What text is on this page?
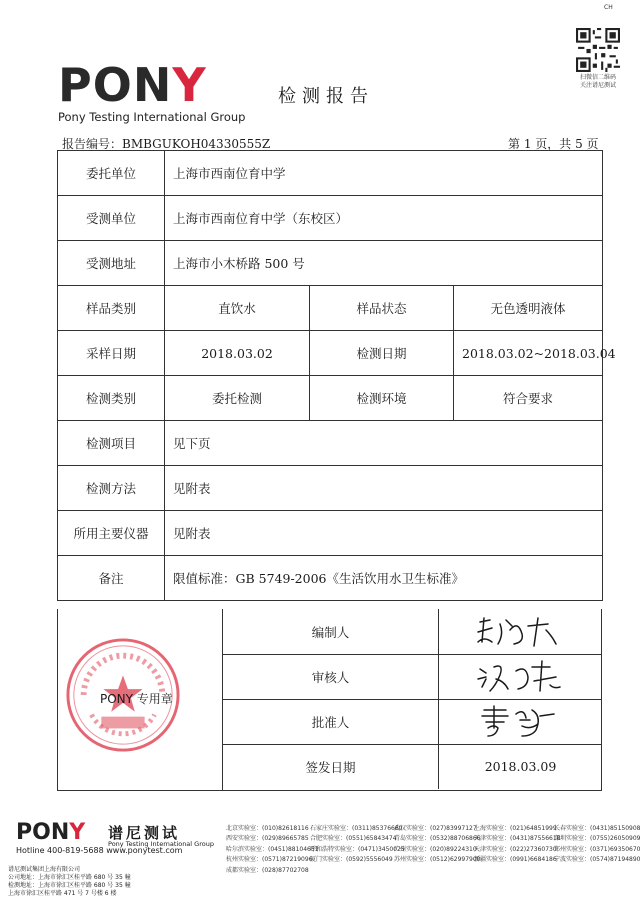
CH
PONY
Pony Testing International Group
检测报告
扫微信二维码
关注谱尼测试
报告编号：BMBGUKOH04330555Z	第 1 页，共 5 页
委托单位	上海市西南位育中学		
受测单位	上海市西南位育中学（东校区）		
受测地址	上海市小木桥路 500 号		
样品类别	直饮水	样品状态	无色透明液体
采样日期	2018.03.02	检测日期	2018.03.02~2018.03.04
检测类别	委托检测	检测环境	符合要求
检测项目	见下页		
检测方法	见附表		
所用主要仪器	见附表		
备注	限值标准：GB 5749-2006《生活饮用水卫生标准》		
编制人
审核人
批准人
签发日期	2018.03.09
PONY 专用章
PONY 谱尼测试
Pony Testing International Group
Hotline 400-819-5688 www.ponytest.com
谱尼测试集团上海有限公司
公司地址：上海市徐汇区桂平路 680 号 35 幢
检测地址：上海市徐汇区桂平路 680 号 35 幢
上海市徐汇区桂平路 471 号 7 号楼 6 楼
北京实验室：(010)82618116 石家庄实验室：(0311)85376660
武汉实验室：(027)83997127
上海实验室：(021)64851999
长春实验室：(0431)85150908
西安实验室：(029)89665785 合肥实验室：(0551)65843474
青岛实验室：(0532)88706866
天津实验室：(0431)87556618
深圳实验室：(0755)26050909
哈尔滨实验室：(0451)88104651
呼和浩特实验室：(0471)3450025
广州实验室：(020)89224310
天津实验室：(022)27360730
郑州实验室：(0371)69350670
杭州实验室：(0571)87219096
厦门实验室：(0592)5556049 苏州实验室：(0512)62997900
新疆实验室：(0991)6684186
宁波实验室：(0574)87194890
成都实验室：(028)87702708
